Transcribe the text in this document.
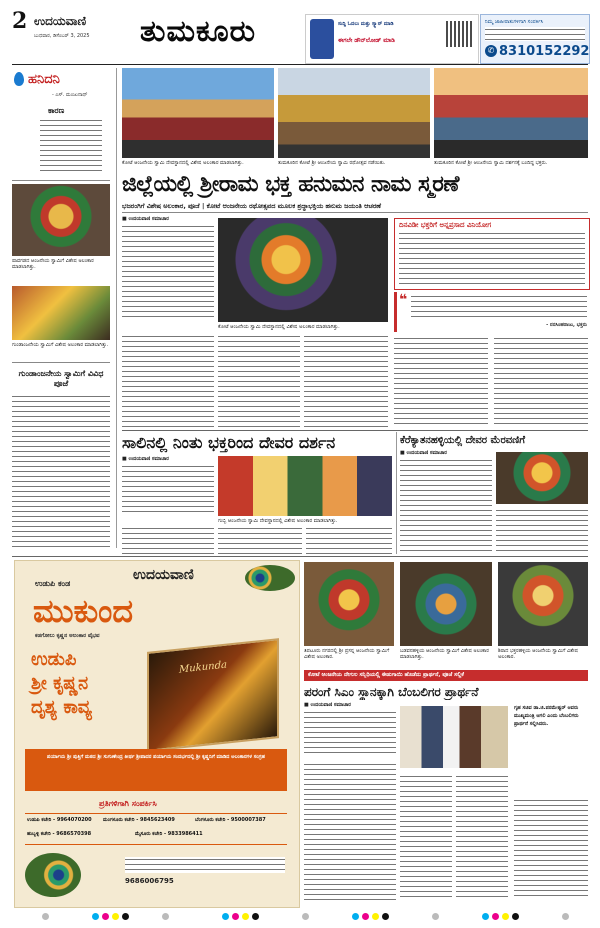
2 ಉದಯವಾಣಿ
ಬುಧವಾರ, ಡಿಸೆಂಬರ್ 3, 2025 ತುಮಕೂರು	ಸುದ್ದಿ ಓದಲು ಮತ್ತು ಸ್ಕ್ಯಾನ್ ಮಾಡಿ
ಈಗಲೇ ಡೌನ್‌ಲೋಡ್ ಮಾಡಿ
ನಿಮ್ಮ ಜಾಹೀರಾತುಗಳಿಗಾಗಿ ಸಂಪರ್ಕಿಸಿ
✆ 8310152292
ಹನಿದನಿ
- ಎಸ್. ಮಂಜುನಾಥ್
ಕಾರಣ
ಪಾವಗಡದ ಆಂಜನೇಯ ಸ್ವಾಮಿಗೆ ವಿಶೇಷ ಅಲಂಕಾರ ಮಾಡಲಾಗಿತ್ತು.
ಗುಂಡಾಂಜನೇಯ ಸ್ವಾಮಿಗೆ ವಿಶೇಷ ಅಲಂಕಾರ ಮಾಡಲಾಗಿತ್ತು.
ಗುಂಡಾಂಜನೇಯ ಸ್ವಾಮಿಗೆ ವಿವಿಧ ಪೂಜೆ
ಕೋಟೆ ಆಂಜನೇಯ ಸ್ವಾಮಿ ದೇವಸ್ಥಾನದಲ್ಲಿ ವಿಶೇಷ ಅಲಂಕಾರ ಮಾಡಲಾಗಿತ್ತು.	ತುಮಕೂರಿನ ಕೋಟೆ ಶ್ರೀ ಆಂಜನೇಯ ಸ್ವಾಮಿ ರಥೋತ್ಸವ ನಡೆಯಿತು.	ತುಮಕೂರಿನ ಕೋಟೆ ಶ್ರೀ ಆಂಜನೇಯ ಸ್ವಾಮಿ ದರ್ಶನಕ್ಕೆ ಬಂದಿದ್ದ ಭಕ್ತರು.
ಜಿಲ್ಲೆಯಲ್ಲಿ ಶ್ರೀರಾಮ ಭಕ್ತ ಹನುಮನ ನಾಮ ಸ್ಮರಣೆ
ಭಜರಂಗಿಗೆ ವಿಶೇಷ ಅಲಂಕಾರ, ಪೂಜೆ | ಕೋಟೆ ಆಂಜನೇಯ ರಥೋತ್ಸವದ ಮೂಲಕ ಶ್ರದ್ಧಾಭಕ್ತಿಯ ಹನುಮ ಜಯಂತಿ ಆಚರಣೆ
■ ಉದಯವಾಣಿ ಸಮಾಚಾರ
ಕೋಟೆ ಆಂಜನೇಯ ಸ್ವಾಮಿ ದೇವಸ್ಥಾನದಲ್ಲಿ ವಿಶೇಷ ಅಲಂಕಾರ ಮಾಡಲಾಗಿತ್ತು.
ದಿನವಿಡೀ ಭಕ್ತರಿಗೆ ಅನ್ನಪ್ರಸಾದ ವಿನಿಯೋಗ
❝
- ನರಸಿಂಹರಾಜು, ಭಕ್ತರು
ಸಾಲಿನಲ್ಲಿ ನಿಂತು ಭಕ್ತರಿಂದ ದೇವರ ದರ್ಶನ
■ ಉದಯವಾಣಿ ಸಮಾಚಾರ
ಗುಬ್ಬಿ ಆಂಜನೇಯ ಸ್ವಾಮಿ ದೇವಸ್ಥಾನದಲ್ಲಿ ವಿಶೇಷ ಅಲಂಕಾರ ಮಾಡಲಾಗಿತ್ತು.
ಕೆರೆಕ್ಯಾತನಹಳ್ಳಿಯಲ್ಲಿ ದೇವರ ಮೆರವಣಿಗೆ
■ ಉದಯವಾಣಿ ಸಮಾಚಾರ
ಉದಯವಾಣಿ
ಉಡುಪಿ ಕಂಡ
ಮುಕುಂದ
ಕಡಗೋಲು ಕೃಷ್ಣನ ಅಲಂಕಾರ ವೈಭವ
ಉಡುಪಿ
ಶ್ರೀ ಕೃಷ್ಣನ
ದೃಶ್ಯ ಕಾವ್ಯ
Mukunda
ಪರ್ಯಾಯ ಶ್ರೀ ಪುತ್ತಿಗೆ ಮಠದ ಶ್ರೀ ಸುಗುಣೇಂದ್ರ ತೀರ್ಥ ಶ್ರೀಪಾದರ ಪರ್ಯಾಯ ಸಂದರ್ಭದಲ್ಲಿ ಶ್ರೀ ಕೃಷ್ಣನಿಗೆ ಮಾಡಿದ ಅಲಂಕಾರಗಳ ಸಂಗ್ರಹ
ಪ್ರತಿಗಳಿಗಾಗಿ ಸಂಪರ್ಕಿಸಿ
ಉಡುಪಿ ಕಚೇರಿ - 9964070200 ಮಂಗಳೂರು ಕಚೇರಿ - 9845623409	ಬೆಂಗಳೂರು ಕಚೇರಿ - 9500007387
ಹುಬ್ಬಳ್ಳಿ ಕಚೇರಿ - 9686570398	ಮೈಸೂರು ಕಚೇರಿ - 9833986411
9686006795
ತಿಪಟೂರು ನಗರದಲ್ಲಿ ಶ್ರೀ ಪ್ರಸನ್ನ ಆಂಜನೇಯ ಸ್ವಾಮಿಗೆ ವಿಶೇಷ ಅಲಂಕಾರ.
ಬಡವನಹಳ್ಳಿಯ ಆಂಜನೇಯ ಸ್ವಾಮಿಗೆ ವಿಶೇಷ ಅಲಂಕಾರ ಮಾಡಲಾಗಿತ್ತು.
ಶಿರಾದ ಭಕ್ತರಹಳ್ಳಿಯ ಆಂಜನೇಯ ಸ್ವಾಮಿಗೆ ವಿಶೇಷ ಅಲಂಕಾರ.
ಕೋಟೆ ಆಂಜನೇಯ ದೇಗುಲ ಸನ್ನಿಧಿಯಲ್ಲಿ ಈಡುಗಾಯಿ ಹೊಡೆದು ಪ್ರಾರ್ಥನೆ, ಪೂಜೆ ಸಲ್ಲಿಕೆ
ಪರಂಗೆ ಸಿಎಂ ಸ್ಥಾನಕ್ಕಾಗಿ ಬೆಂಬಲಿಗರ ಪ್ರಾರ್ಥನೆ
■ ಉದಯವಾಣಿ ಸಮಾಚಾರ	ಗೃಹ ಸಚಿವ ಡಾ.ಜಿ.ಪರಮೇಶ್ವರ್ ಅವರು ಮುಖ್ಯಮಂತ್ರಿ ಆಗಲಿ ಎಂದು ಬೆಂಬಲಿಗರು ಪ್ರಾರ್ಥನೆ ಸಲ್ಲಿಸಿದರು.
